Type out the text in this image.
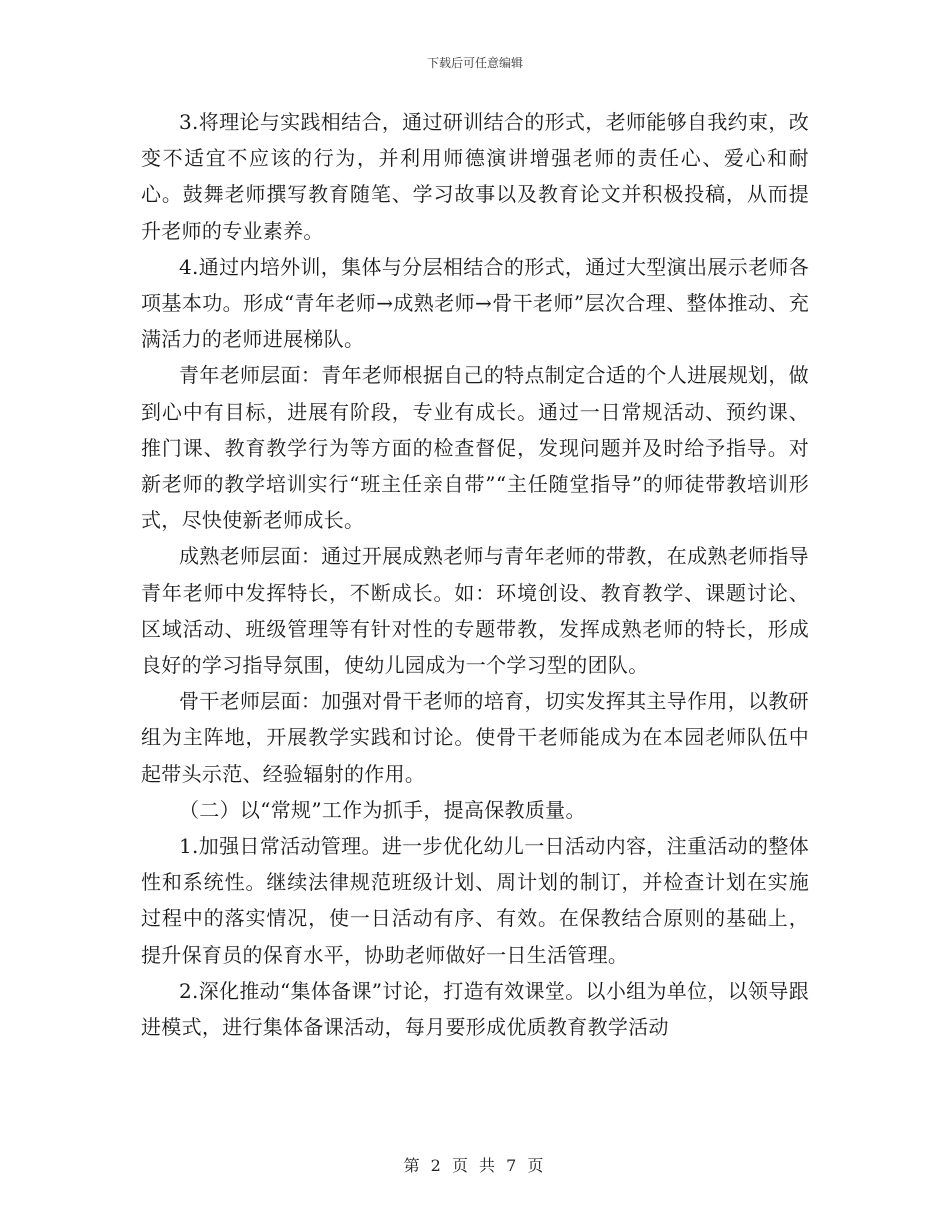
下载后可任意编辑

3.将理论与实践相结合，通过研训结合的形式，老师能够自我约束，改变不适宜不应该的行为，并利用师德演讲增强老师的责任心、爱心和耐心。鼓舞老师撰写教育随笔、学习故事以及教育论文并积极投稿，从而提升老师的专业素养。

4.通过内培外训，集体与分层相结合的形式，通过大型演出展示老师各项基本功。形成“青年老师→成熟老师→骨干老师”层次合理、整体推动、充满活力的老师进展梯队。

青年老师层面：青年老师根据自己的特点制定合适的个人进展规划，做到心中有目标，进展有阶段，专业有成长。通过一日常规活动、预约课、推门课、教育教学行为等方面的检查督促，发现问题并及时给予指导。对新老师的教学培训实行“班主任亲自带”“主任随堂指导”的师徒带教培训形式，尽快使新老师成长。

成熟老师层面：通过开展成熟老师与青年老师的带教，在成熟老师指导青年老师中发挥特长，不断成长。如：环境创设、教育教学、课题讨论、区域活动、班级管理等有针对性的专题带教，发挥成熟老师的特长，形成良好的学习指导氛围，使幼儿园成为一个学习型的团队。

骨干老师层面：加强对骨干老师的培育，切实发挥其主导作用，以教研组为主阵地，开展教学实践和讨论。使骨干老师能成为在本园老师队伍中起带头示范、经验辐射的作用。

（二）以“常规”工作为抓手，提高保教质量。

1.加强日常活动管理。进一步优化幼儿一日活动内容，注重活动的整体性和系统性。继续法律规范班级计划、周计划的制订，并检查计划在实施过程中的落实情况，使一日活动有序、有效。在保教结合原则的基础上，提升保育员的保育水平，协助老师做好一日生活管理。

2.深化推动“集体备课”讨论，打造有效课堂。以小组为单位，以领导跟进模式，进行集体备课活动，每月要形成优质教育教学活动

第 2 页 共 7 页
